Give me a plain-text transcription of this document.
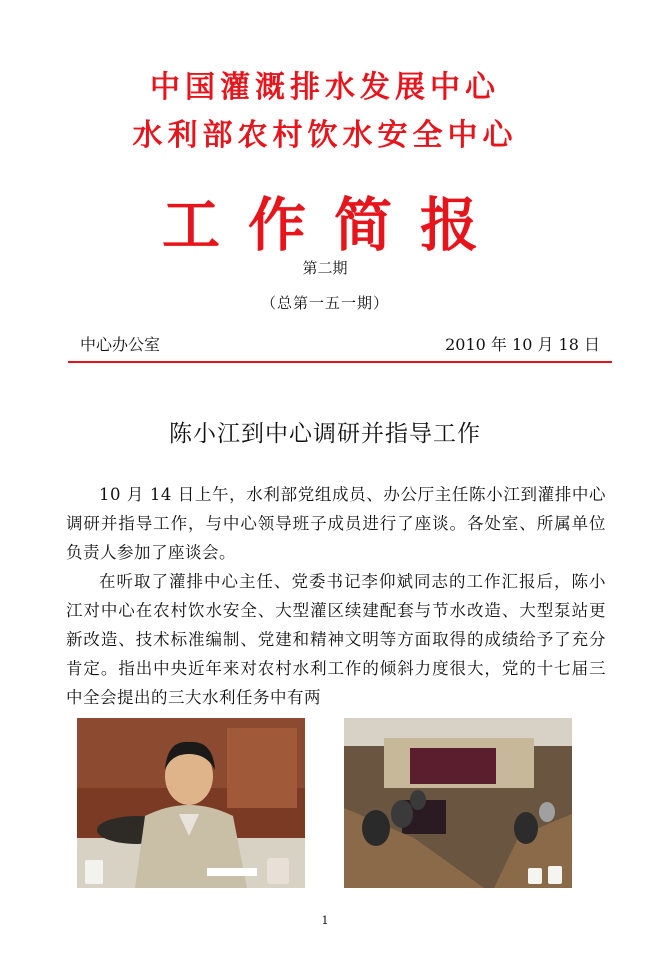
中国灌溉排水发展中心
水利部农村饮水安全中心
工作简报
第二期
（总第一五一期）
中心办公室	2010 年 10 月 18 日
陈小江到中心调研并指导工作

10 月 14 日上午，水利部党组成员、办公厅主任陈小江到灌排中心调研并指导工作，与中心领导班子成员进行了座谈。各处室、所属单位负责人参加了座谈会。

在听取了灌排中心主任、党委书记李仰斌同志的工作汇报后，陈小江对中心在农村饮水安全、大型灌区续建配套与节水改造、大型泵站更新改造、技术标准编制、党建和精神文明等方面取得的成绩给予了充分肯定。指出中央近年来对农村水利工作的倾斜力度很大，党的十七届三中全会提出的三大水利任务中有两

1
